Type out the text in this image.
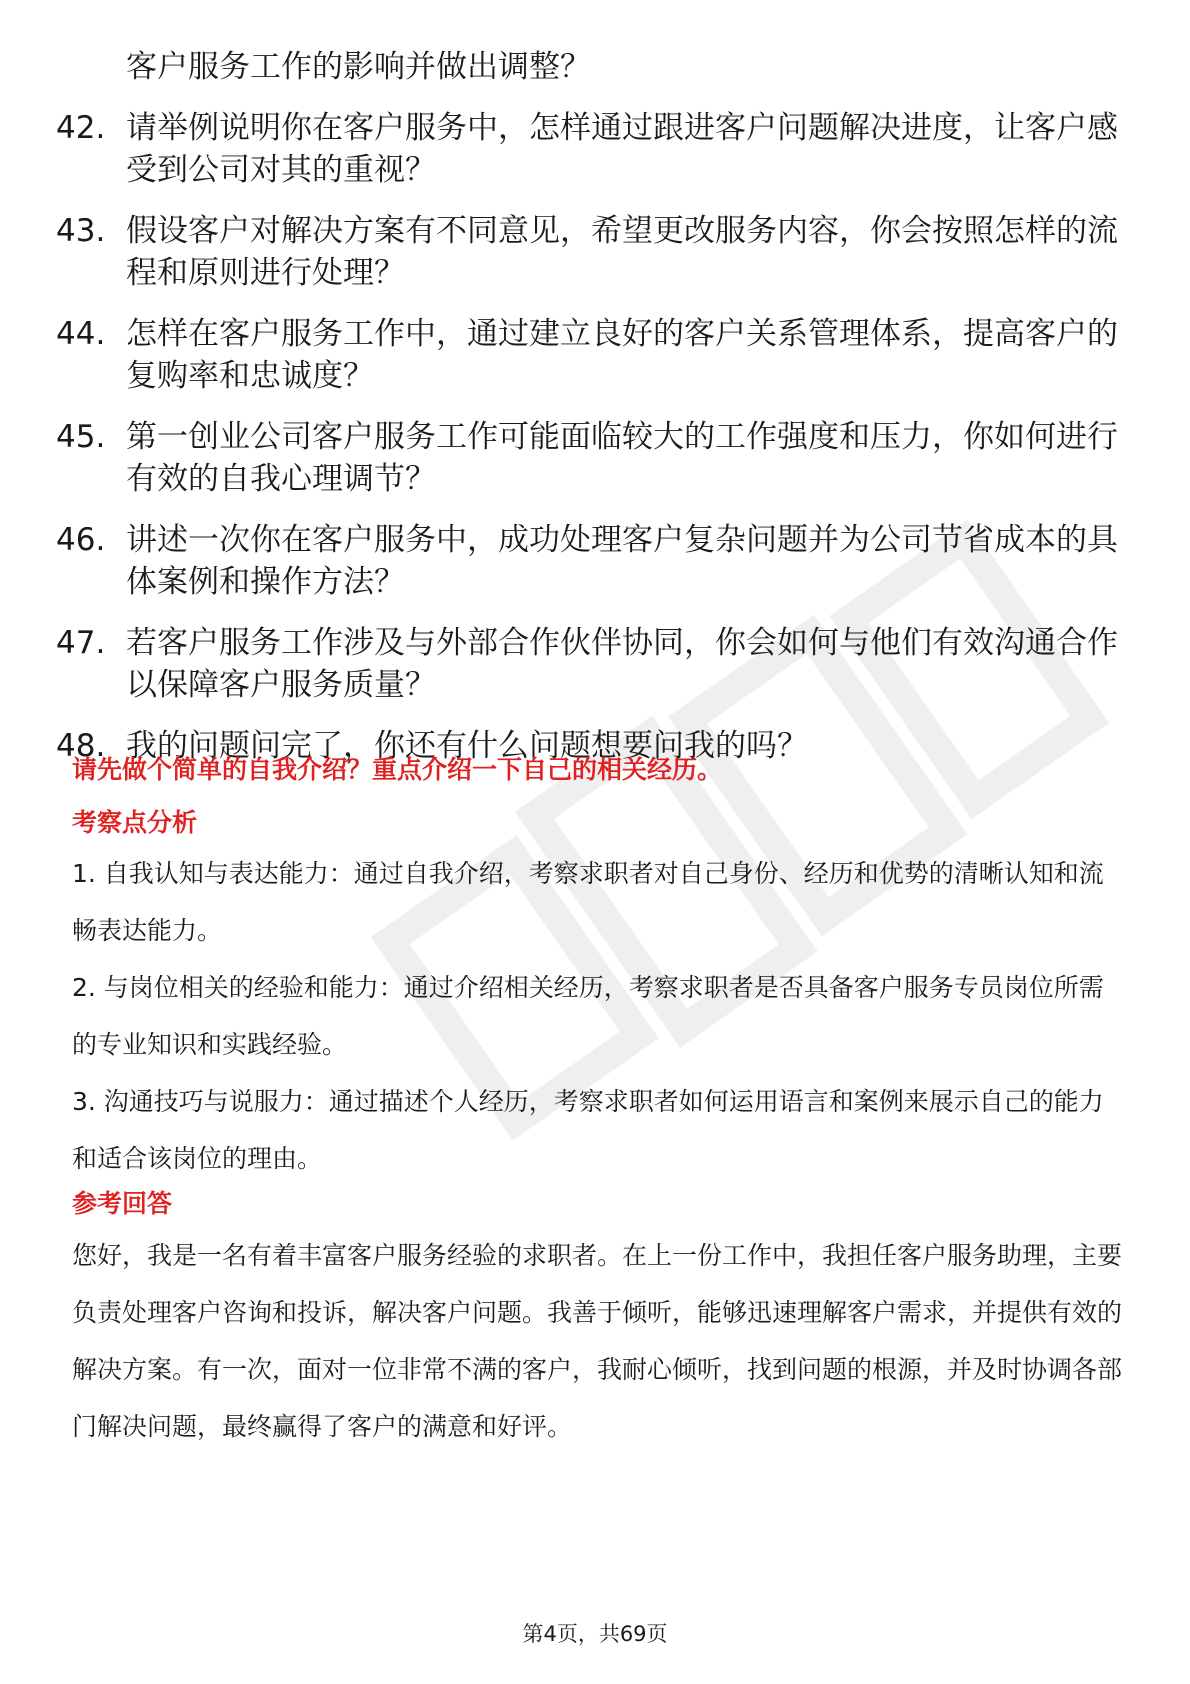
客户服务工作的影响并做出调整？
42. 请举例说明你在客户服务中，怎样通过跟进客户问题解决进度，让客户感受到公司对其的重视？
43. 假设客户对解决方案有不同意见，希望更改服务内容，你会按照怎样的流程和原则进行处理？
44. 怎样在客户服务工作中，通过建立良好的客户关系管理体系，提高客户的复购率和忠诚度？
45. 第一创业公司客户服务工作可能面临较大的工作强度和压力，你如何进行有效的自我心理调节？
46. 讲述一次你在客户服务中，成功处理客户复杂问题并为公司节省成本的具体案例和操作方法？
47. 若客户服务工作涉及与外部合作伙伴协同，你会如何与他们有效沟通合作以保障客户服务质量？
48. 我的问题问完了，你还有什么问题想要问我的吗？
请先做个简单的自我介绍？重点介绍一下自己的相关经历。
考察点分析

1. 自我认知与表达能力：通过自我介绍，考察求职者对自己身份、经历和优势的清晰认知和流畅表达能力。

2. 与岗位相关的经验和能力：通过介绍相关经历，考察求职者是否具备客户服务专员岗位所需的专业知识和实践经验。

3. 沟通技巧与说服力：通过描述个人经历，考察求职者如何运用语言和案例来展示自己的能力和适合该岗位的理由。

参考回答

您好，我是一名有着丰富客户服务经验的求职者。在上一份工作中，我担任客户服务助理，主要负责处理客户咨询和投诉，解决客户问题。我善于倾听，能够迅速理解客户需求，并提供有效的解决方案。有一次，面对一位非常不满的客户，我耐心倾听，找到问题的根源，并及时协调各部门解决问题，最终赢得了客户的满意和好评。

第4页，共69页
